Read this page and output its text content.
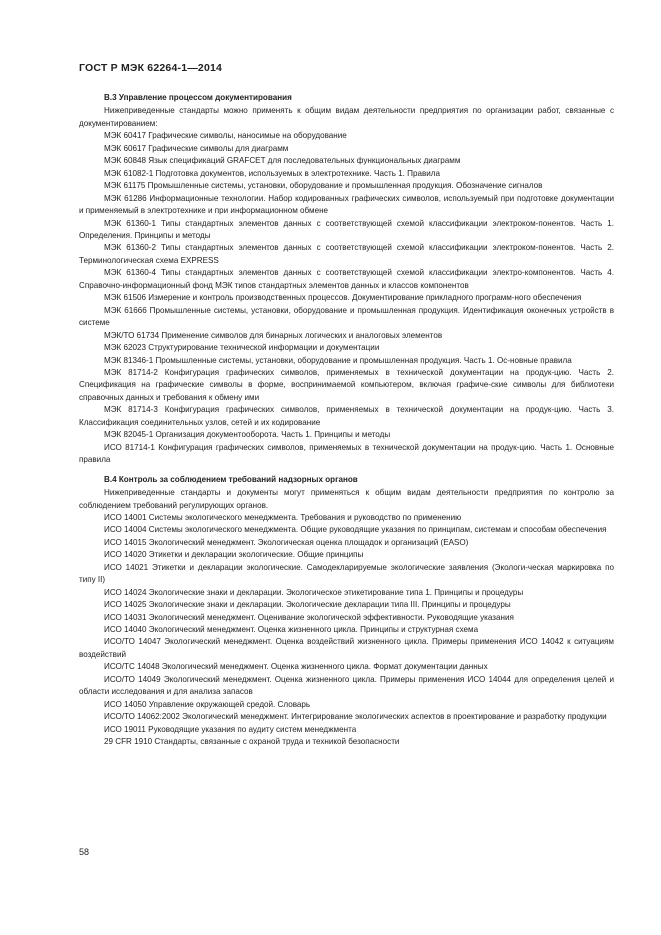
ГОСТ Р МЭК 62264-1—2014
В.3 Управление процессом документирования
Нижеприведенные стандарты можно применять к общим видам деятельности предприятия по организации работ, связанные с документированием:
МЭК 60417 Графические символы, наносимые на оборудование
МЭК 60617 Графические символы для диаграмм
МЭК 60848 Язык спецификаций GRAFCET для последовательных функциональных диаграмм
МЭК 61082-1 Подготовка документов, используемых в электротехнике. Часть 1. Правила
МЭК 61175 Промышленные системы, установки, оборудование и промышленная продукция. Обозначение сигналов
МЭК 61286 Информационные технологии. Набор кодированных графических символов, используемый при подготовке документации и применяемый в электротехнике и при информационном обмене
МЭК 61360-1 Типы стандартных элементов данных с соответствующей схемой классификации электроком-понентов. Часть 1. Определения. Принципы и методы
МЭК 61360-2 Типы стандартных элементов данных с соответствующей схемой классификации электроком-понентов. Часть 2. Терминологическая схема EXPRESS
МЭК 61360-4 Типы стандартных элементов данных с соответствующей схемой классификации электро-компонентов. Часть 4. Справочно-информационный фонд МЭК типов стандартных элементов данных и классов компонентов
МЭК 61506 Измерение и контроль производственных процессов. Документирование прикладного программ-ного обеспечения
МЭК 61666 Промышленные системы, установки, оборудование и промышленная продукция. Идентификация оконечных устройств в системе
МЭК/ТО 61734 Применение символов для бинарных логических и аналоговых элементов
МЭК 62023 Структурирование технической информации и документации
МЭК 81346-1 Промышленные системы, установки, оборудование и промышленная продукция. Часть 1. Ос-новные правила
МЭК 81714-2 Конфигурация графических символов, применяемых в технической документации на продук-цию. Часть 2. Спецификация на графические символы в форме, воспринимаемой компьютером, включая графиче-ские символы для библиотеки справочных данных и требования к обмену ими
МЭК 81714-3 Конфигурация графических символов, применяемых в технической документации на продук-цию. Часть 3. Классификация соединительных узлов, сетей и их кодирование
МЭК 82045-1 Организация документооборота. Часть 1. Принципы и методы
ИСО 81714-1 Конфигурация графических символов, применяемых в технической документации на продук-цию. Часть 1. Основные правила
В.4 Контроль за соблюдением требований надзорных органов
Нижеприведенные стандарты и документы могут применяться к общим видам деятельности предприятия по контролю за соблюдением требований регулирующих органов.
ИСО 14001 Системы экологического менеджмента. Требования и руководство по применению
ИСО 14004 Системы экологического менеджмента. Общие руководящие указания по принципам, системам и способам обеспечения
ИСО 14015 Экологический менеджмент. Экологическая оценка площадок и организаций (EASO)
ИСО 14020 Этикетки и декларации экологические. Общие принципы
ИСО 14021 Этикетки и декларации экологические. Самодекларируемые экологические заявления (Экологи-ческая маркировка по типу II)
ИСО 14024 Экологические знаки и декларации. Экологическое этикетирование типа 1. Принципы и процедуры
ИСО 14025 Экологические знаки и декларации. Экологические декларации типа III. Принципы и процедуры
ИСО 14031 Экологический менеджмент. Оценивание экологической эффективности. Руководящие указания
ИСО 14040 Экологический менеджмент. Оценка жизненного цикла. Принципы и структурная схема
ИСО/ТО 14047 Экологический менеджмент. Оценка воздействий жизненного цикла. Примеры применения ИСО 14042 к ситуациям воздействий
ИСО/ТС 14048 Экологический менеджмент. Оценка жизненного цикла. Формат документации данных
ИСО/ТО 14049 Экологический менеджмент. Оценка жизненного цикла. Примеры применения ИСО 14044 для определения целей и области исследования и для анализа запасов
ИСО 14050 Управление окружающей средой. Словарь
ИСО/ТО 14062:2002 Экологический менеджмент. Интегрирование экологических аспектов в проектирование и разработку продукции
ИСО 19011 Руководящие указания по аудиту систем менеджмента
29 CFR 1910 Стандарты, связанные с охраной труда и техникой безопасности
58
